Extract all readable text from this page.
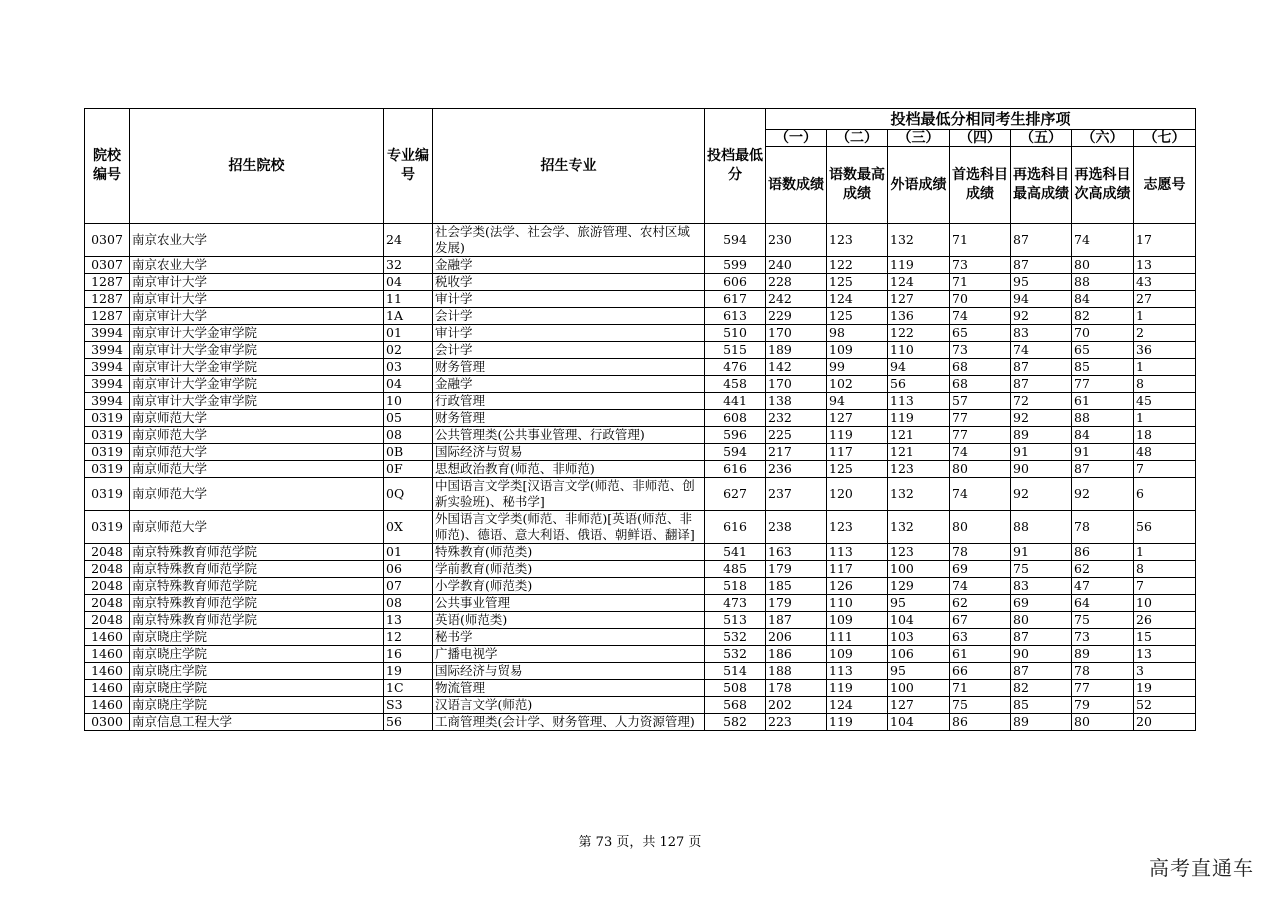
院校编号	招生院校	专业编号	招生专业	投档最低分	投档最低分相同考生排序项						
					（一）	（二）	（三）	（四）	（五）	（六）	（七）
					语数成绩	语数最高成绩	外语成绩	首选科目成绩	再选科目最高成绩	再选科目次高成绩	志愿号
0307	南京农业大学	24	社会学类(法学、社会学、旅游管理、农村区域发展)	594	230	123	132	71	87	74	17
0307	南京农业大学	32	金融学	599	240	122	119	73	87	80	13
1287	南京审计大学	04	税收学	606	228	125	124	71	95	88	43
1287	南京审计大学	11	审计学	617	242	124	127	70	94	84	27
1287	南京审计大学	1A	会计学	613	229	125	136	74	92	82	1
3994	南京审计大学金审学院	01	审计学	510	170	98	122	65	83	70	2
3994	南京审计大学金审学院	02	会计学	515	189	109	110	73	74	65	36
3994	南京审计大学金审学院	03	财务管理	476	142	99	94	68	87	85	1
3994	南京审计大学金审学院	04	金融学	458	170	102	56	68	87	77	8
3994	南京审计大学金审学院	10	行政管理	441	138	94	113	57	72	61	45
0319	南京师范大学	05	财务管理	608	232	127	119	77	92	88	1
0319	南京师范大学	08	公共管理类(公共事业管理、行政管理)	596	225	119	121	77	89	84	18
0319	南京师范大学	0B	国际经济与贸易	594	217	117	121	74	91	91	48
0319	南京师范大学	0F	思想政治教育(师范、非师范)	616	236	125	123	80	90	87	7
0319	南京师范大学	0Q	中国语言文学类[汉语言文学(师范、非师范、创新实验班)、秘书学]	627	237	120	132	74	92	92	6
0319	南京师范大学	0X	外国语言文学类(师范、非师范)[英语(师范、非师范)、德语、意大利语、俄语、朝鲜语、翻译]	616	238	123	132	80	88	78	56
2048	南京特殊教育师范学院	01	特殊教育(师范类)	541	163	113	123	78	91	86	1
2048	南京特殊教育师范学院	06	学前教育(师范类)	485	179	117	100	69	75	62	8
2048	南京特殊教育师范学院	07	小学教育(师范类)	518	185	126	129	74	83	47	7
2048	南京特殊教育师范学院	08	公共事业管理	473	179	110	95	62	69	64	10
2048	南京特殊教育师范学院	13	英语(师范类)	513	187	109	104	67	80	75	26
1460	南京晓庄学院	12	秘书学	532	206	111	103	63	87	73	15
1460	南京晓庄学院	16	广播电视学	532	186	109	106	61	90	89	13
1460	南京晓庄学院	19	国际经济与贸易	514	188	113	95	66	87	78	3
1460	南京晓庄学院	1C	物流管理	508	178	119	100	71	82	77	19
1460	南京晓庄学院	S3	汉语言文学(师范)	568	202	124	127	75	85	79	52
0300	南京信息工程大学	56	工商管理类(会计学、财务管理、人力资源管理)	582	223	119	104	86	89	80	20
第 73 页，共 127 页
高考直通车
